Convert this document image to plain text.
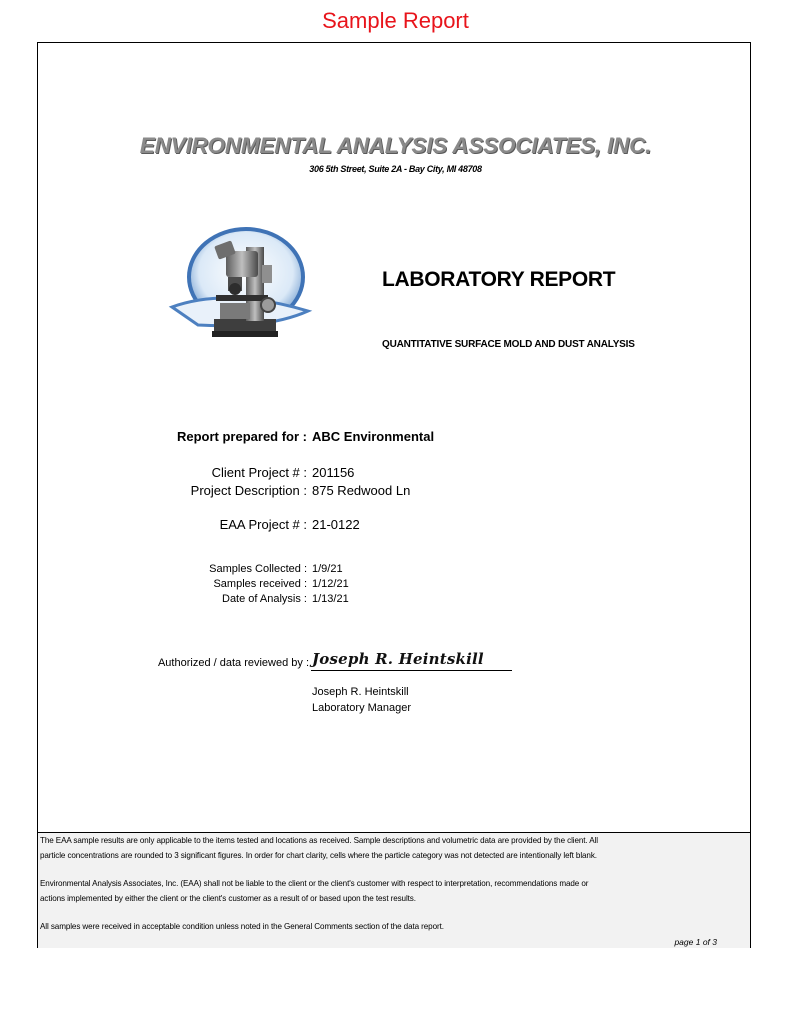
Sample Report
ENVIRONMENTAL ANALYSIS ASSOCIATES, INC.
306 5th Street, Suite 2A - Bay City, MI 48708
LABORATORY REPORT
QUANTITATIVE SURFACE MOLD AND DUST ANALYSIS
Report prepared for : ABC Environmental
Client Project # : 201156
Project Description : 875 Redwood Ln
EAA Project # : 21-0122
Samples Collected : 1/9/21
Samples received : 1/12/21
Date of Analysis : 1/13/21
Authorized / data reviewed by : Joseph R. Heintskill
Joseph R. Heintskill
Laboratory Manager
The EAA sample results are only applicable to the items tested and locations as received. Sample descriptions and volumetric data are provided by the client. All
particle concentrations are rounded to 3 significant figures. In order for chart clarity, cells where the particle category was not detected are intentionally left blank.
Environmental Analysis Associates, Inc. (EAA) shall not be liable to the client or the client's customer with respect to interpretation, recommendations made or
actions implemented by either the client or the client's customer as a result of or based upon the test results.
All samples were received in acceptable condition unless noted in the General Comments section of the data report.
page 1 of 3
